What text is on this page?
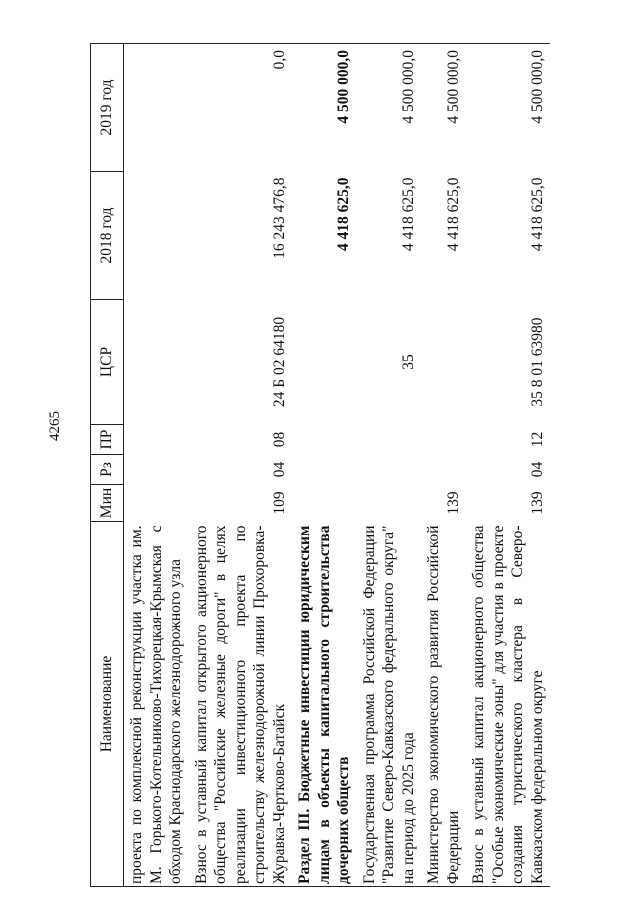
4265
Наименование	Мин	Рз	ПР	ЦСР	2018 год	2019 год
проекта по комплексной реконструкции участка им. М. Горького-Котельниково-Тихорецкая-Крымская с обходом Краснодарского железнодорожного узла						
Взнос в уставный капитал открытого акционерного общества "Российские железные дороги" в целях реализации инвестиционного проекта по строительству железнодорожной линии Прохоровка-Журавка-Чертково-Батайск	109	04	08	24 Б 02 64180	16 243 476,8	0,0
Раздел III. Бюджетные инвестиции юридическим лицам в объекты капитального строительства дочерних обществ					4 418 625,0	4 500 000,0
Государственная программа Российской Федерации "Развитие Северо-Кавказского федерального округа" на период до 2025 года				35	4 418 625,0	4 500 000,0
Министерство экономического развития Российской Федерации	139				4 418 625,0	4 500 000,0
Взнос в уставный капитал акционерного общества "Особые экономические зоны" для участия в проекте создания туристического кластера в Северо-Кавказском федеральном округе	139	04	12	35 8 01 63980	4 418 625,0	4 500 000,0
